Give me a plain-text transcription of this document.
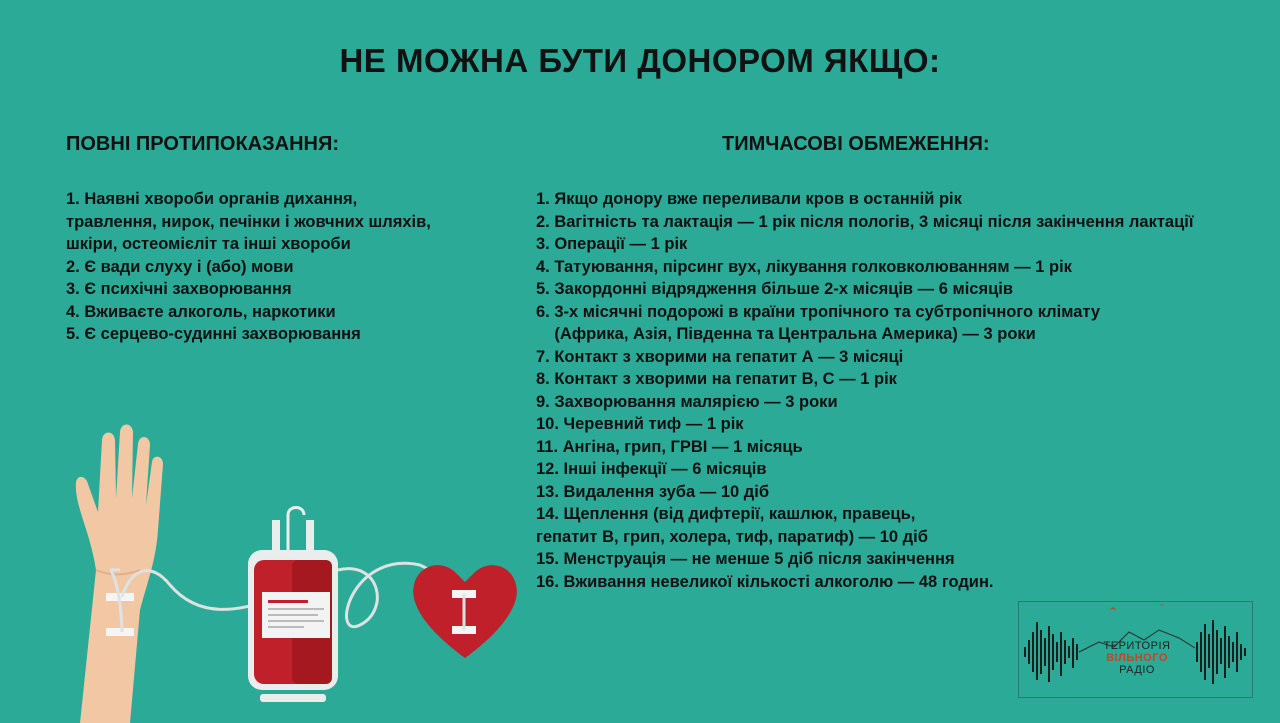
НЕ МОЖНА БУТИ ДОНОРОМ ЯКЩО:
ПОВНІ ПРОТИПОКАЗАННЯ:
1. Наявні хвороби органів дихання,
травлення, нирок, печінки і жовчних шляхів,
шкіри, остеомієліт та інші хвороби
2. Є вади слуху і (або) мови
3. Є психічні захворювання
4. Вживаєте алкоголь, наркотики
5. Є серцево-судинні захворювання
ТИМЧАСОВІ ОБМЕЖЕННЯ:
1. Якщо донору вже переливали кров в останній рік
2. Вагітність та лактація — 1 рік після пологів, 3 місяці після закінчення лактації
3. Операції — 1 рік
4. Татуювання, пірсинг вух, лікування голковколюванням — 1 рік
5. Закордонні відрядження більше 2-х місяців — 6 місяців
6. 3-х місячні подорожі в країни тропічного та субтропічного клімату
(Африка, Азія, Південна та Центральна Америка) — 3 роки
7. Контакт з хворими на гепатит А — 3 місяці
8. Контакт з хворими на гепатит В, С — 1 рік
9. Захворювання малярією — 3 роки
10. Черевний тиф — 1 рік
11. Ангіна, грип, ГРВІ — 1 місяць
12. Інші інфекції — 6 місяців
13. Видалення зуба — 10 діб
14. Щеплення (від дифтерії, кашлюк, правець,
гепатит В, грип, холера, тиф, паратиф) — 10 діб
15. Менструація — не менше 5 діб після закінчення
16. Вживання невеликої кількості алкоголю — 48 годин.
ТЕРИТОРІЯ
ВІЛЬНОГО
РАДІО
